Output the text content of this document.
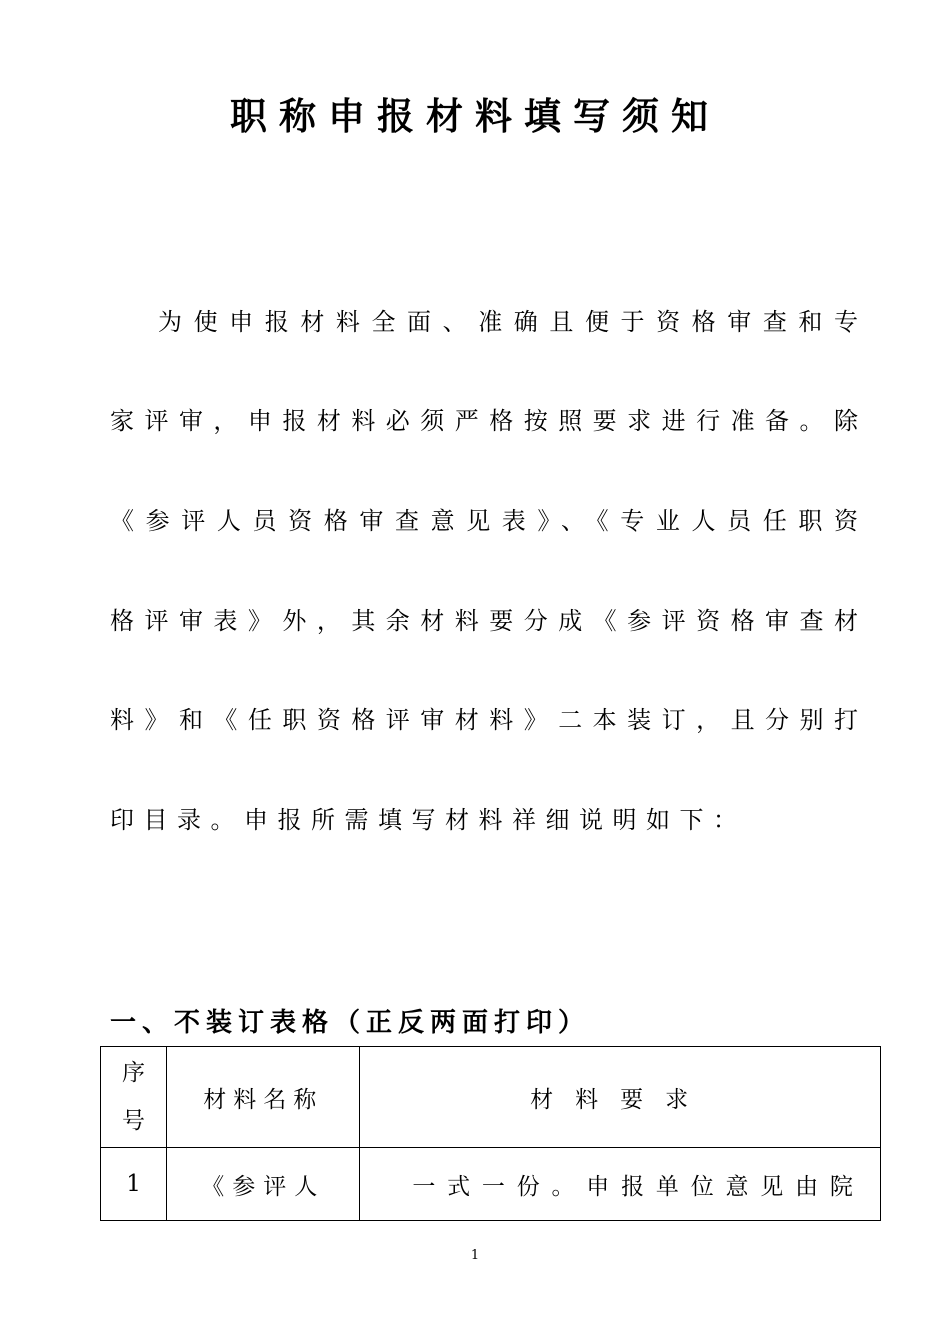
职称申报材料填写须知
为使申报材料全面、准确且便于资格审查和专
家评审，申报材料必须严格按照要求进行准备。除
《参评人员资格审查意见表》、《专业人员任职资
格评审表》外，其余材料要分成《参评资格审查材
料》和《任职资格评审材料》二本装订，且分别打
印目录。申报所需填写材料祥细说明如下：
一、不装订表格（正反两面打印）
序
号	材料名称	材料要求
1	《参评人	一式一份。申报单位意见由院
1
